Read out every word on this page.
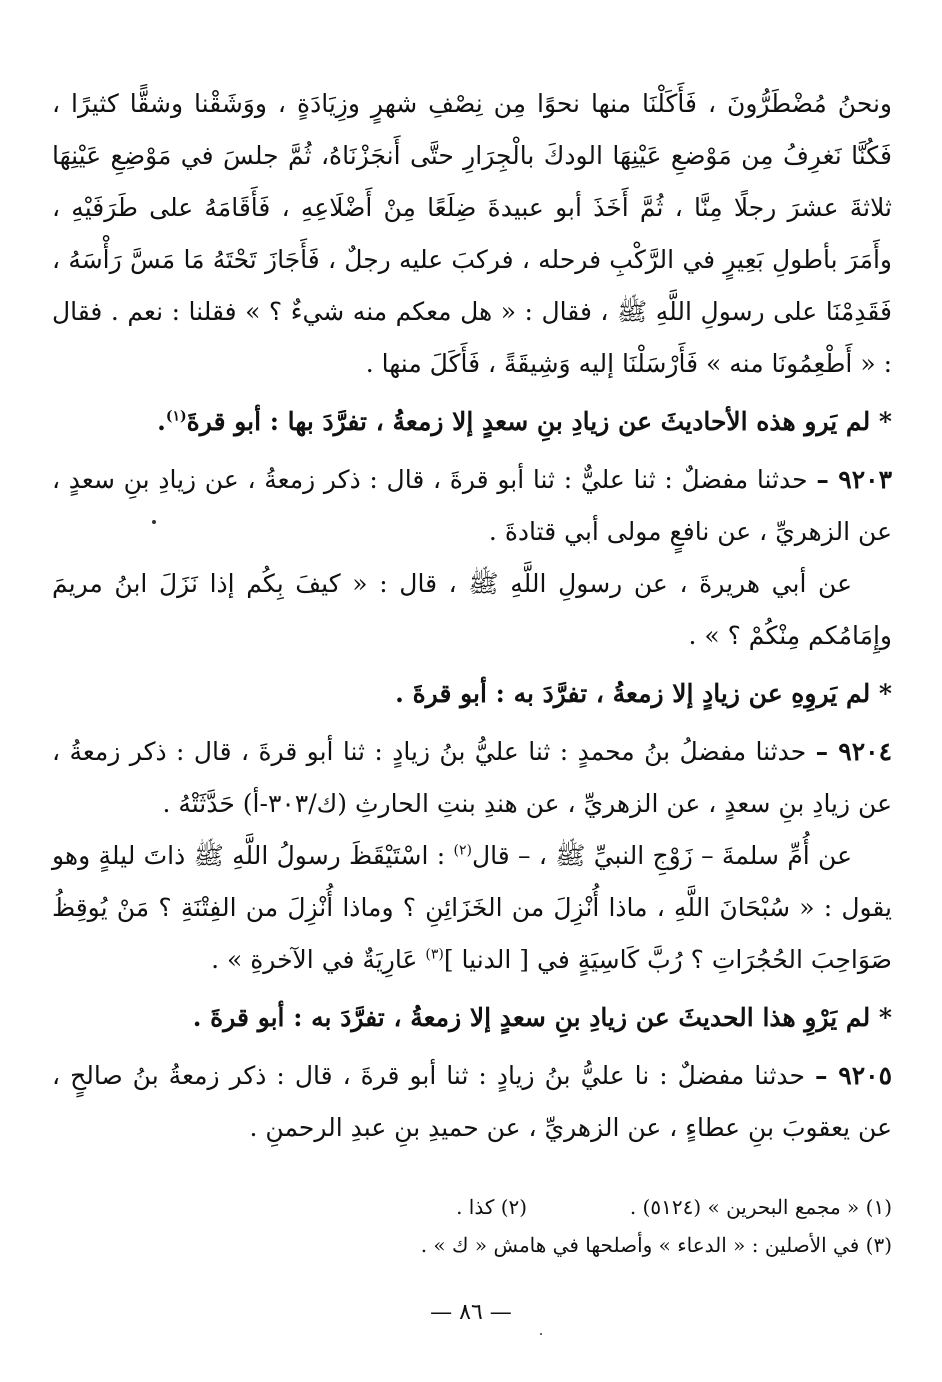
ونحنُ مُضْطَرُّونَ ، فَأَكَلْنَا منها نحوًا مِن نِصْفِ شهرٍ وزِيَادَةٍ ، ووَشَقْنا وشقًّا كثيرًا ، فَكُنَّا نَغرِفُ مِن مَوْضعِ عَيْنِهَا الودكَ بالْجِرَارِ حتَّى أَنجَزْنَاهُ، ثُمَّ جلسَ في مَوْضِعِ عَيْنِهَا ثلاثةَ عشرَ رجلًا مِنَّا ، ثُمَّ أَخَذَ أبو عبيدةَ ضِلَعًا مِنْ أَضْلَاعِهِ ، فَأَقَامَهُ على طَرَفَيْهِ ، وأَمَرَ بأطولِ بَعِيرٍ في الرَّكْبِ فرحله ، فركبَ عليه رجلٌ ، فَأَجَازَ تَحْتَهُ مَا مَسَّ رَأْسَهُ ، فَقَدِمْنَا على رسولِ اللَّهِ ﷺ ، فقال : « هل معكم منه شيءٌ ؟ » فقلنا : نعم . فقال : « أَطْعِمُونَا منه » فَأَرْسَلْنَا إليه وَشِيقَةً ، فَأَكَلَ منها .

* لم يَرو هذه الأحاديثَ عن زيادِ بنِ سعدٍ إلا زمعةُ ، تفرَّدَ بها : أبو قرةَ$^{(١)}$.

٩٢٠٣ – حدثنا مفضلٌ : ثنا عليٌّ : ثنا أبو قرةَ ، قال : ذكر زمعةُ ، عن زيادِ بنِ سعدٍ ، عن الزهريِّ ، عن نافعٍ مولى أبي قتادةَ .

عن أبي هريرةَ ، عن رسولِ اللَّهِ ﷺ ، قال : « كيفَ بِكُم إذا نَزَلَ ابنُ مريمَ وإِمَامُكم مِنْكُمْ ؟ » .

* لم يَروِهِ عن زيادٍ إلا زمعةُ ، تفرَّدَ به : أبو قرةَ .

٩٢٠٤ – حدثنا مفضلُ بنُ محمدٍ : ثنا عليُّ بنُ زيادٍ : ثنا أبو قرةَ ، قال : ذكر زمعةُ ، عن زيادِ بنِ سعدٍ ، عن الزهريِّ ، عن هندِ بنتِ الحارثِ (ك/٣٠٣-أ) حَدَّثَتْهُ .

عن أُمِّ سلمةَ – زَوْجِ النبيِّ ﷺ ، – قال$^{(٢)}$ : اسْتَيْقَظَ رسولُ اللَّهِ ﷺ ذاتَ ليلةٍ وهو يقول : « سُبْحَانَ اللَّهِ ، ماذا أُنْزِلَ من الخَزَائِنِ ؟ وماذا أُنْزِلَ من الفِتْنَةِ ؟ مَنْ يُوقِظُ صَوَاحِبَ الحُجُرَاتِ ؟ رُبَّ كَاسِيَةٍ في [ الدنيا ]$^{(٣)}$ عَارِيَةٌ في الآخرةِ » .

* لم يَرْوِ هذا الحديثَ عن زيادِ بنِ سعدٍ إلا زمعةُ ، تفرَّدَ به : أبو قرةَ .

٩٢٠٥ – حدثنا مفضلٌ : نا عليُّ بنُ زيادٍ : ثنا أبو قرةَ ، قال : ذكر زمعةُ بنُ صالحٍ ، عن يعقوبَ بنِ عطاءٍ ، عن الزهريِّ ، عن حميدِ بنِ عبدِ الرحمنِ .

(١) « مجمع البحرين » (٥١٢٤) .  (٢) كذا .
(٣) في الأصلين : « الدعاء » وأصلحها في هامش « ك » .
— ٨٦ —
